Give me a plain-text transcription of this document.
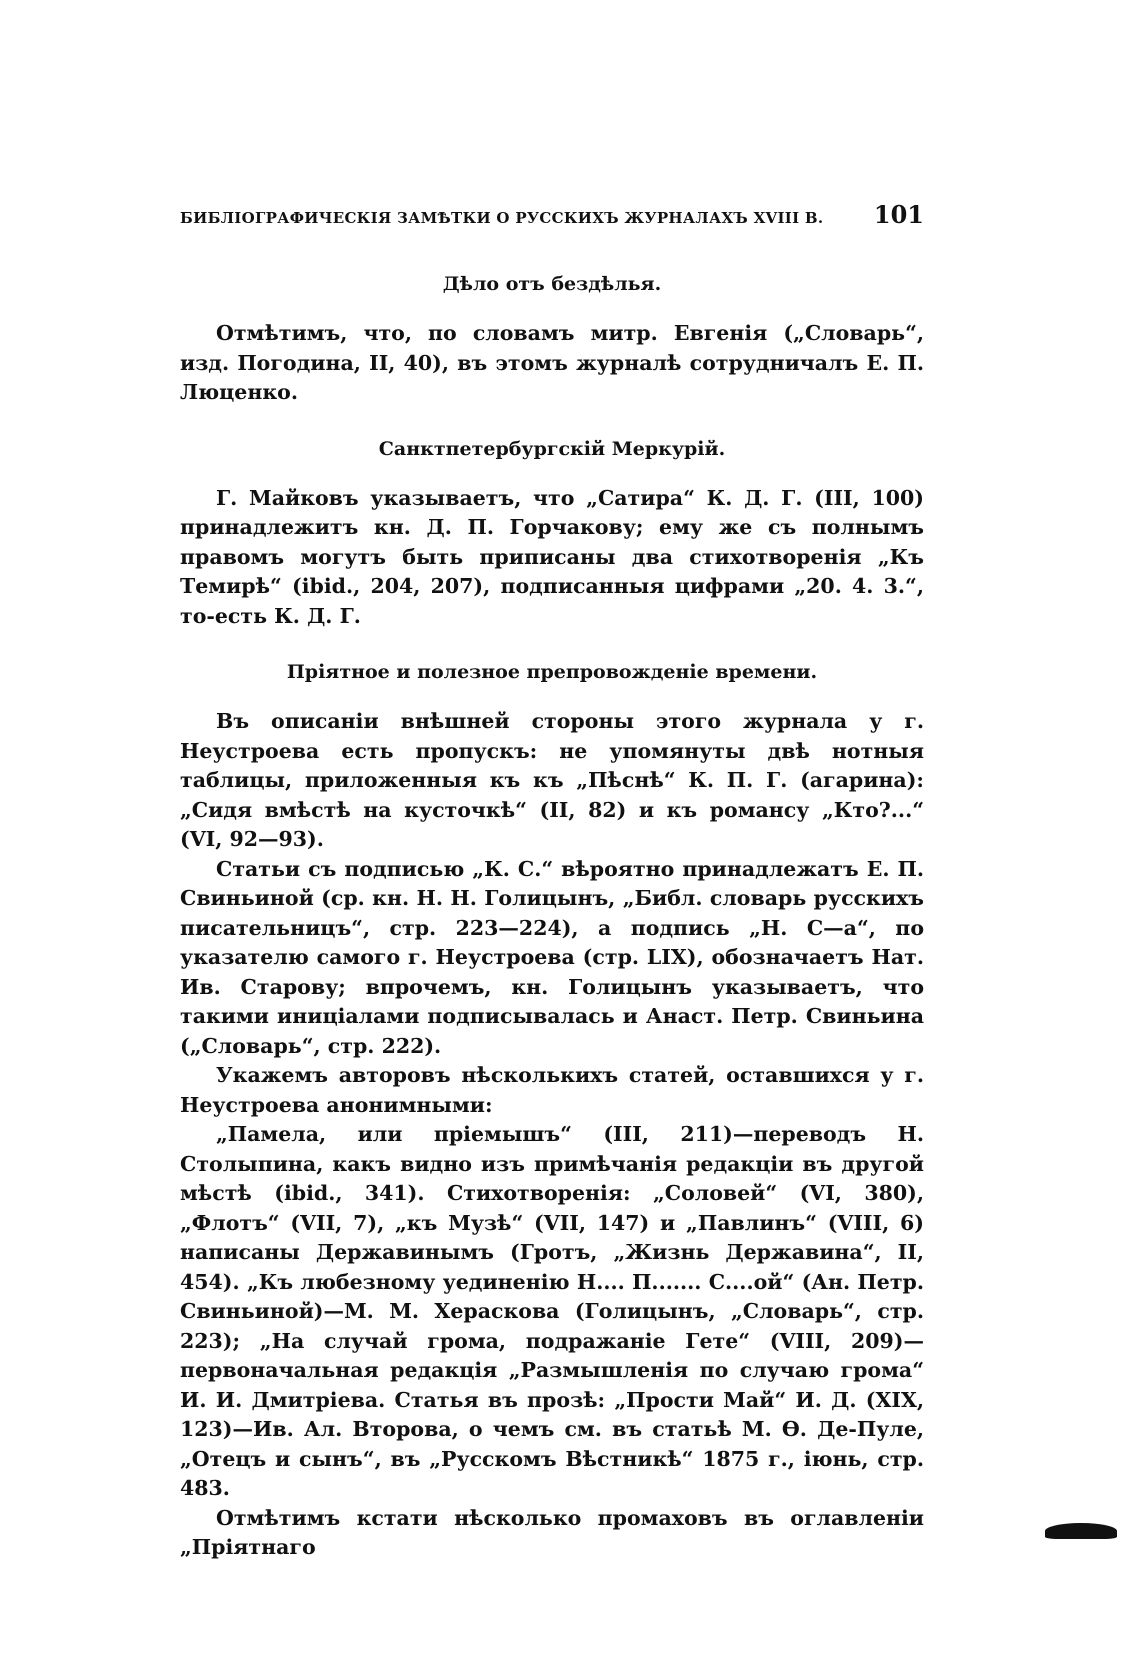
БИБЛІОГРАФИЧЕСКІЯ ЗАМѢТКИ О РУССКИХЪ ЖУРНАЛАХЪ XVIII В. 101
Дѣло отъ бездѣлья.

Отмѣтимъ, что, по словамъ митр. Евгенія („Словарь“, изд. Погодина, II, 40), въ этомъ журналѣ сотрудничалъ Е. П. Люценко.

Санктпетербургскій Меркурій.

Г. Майковъ указываетъ, что „Сатира“ К. Д. Г. (III, 100) принадлежитъ кн. Д. П. Горчакову; ему же съ полнымъ правомъ могутъ быть приписаны два стихотворенія „Къ Темирѣ“ (ibid., 204, 207), подписанныя цифрами „20. 4. 3.“, то-есть К. Д. Г.

Пріятное и полезное препровожденіе времени.

Въ описаніи внѣшней стороны этого журнала у г. Неустроева есть пропускъ: не упомянуты двѣ нотныя таблицы, приложенныя къ къ „Пѣснѣ“ К. П. Г. (агарина): „Сидя вмѣстѣ на кусточкѣ“ (II, 82) и къ романсу „Кто?...“ (VI, 92—93).

Статьи съ подписью „К. С.“ вѣроятно принадлежатъ Е. П. Свиньиной (ср. кн. Н. Н. Голицынъ, „Библ. словарь русскихъ писательницъ“, стр. 223—224), а подпись „Н. С—а“, по указателю самого г. Неустроева (стр. LIX), обозначаетъ Нат. Ив. Старову; впрочемъ, кн. Голицынъ указываетъ, что такими иниціалами подписывалась и Анаст. Петр. Свиньина („Словарь“, стр. 222).

Укажемъ авторовъ нѣсколькихъ статей, оставшихся у г. Неустроева анонимными:

„Памела, или пріемышъ“ (III, 211)—переводъ Н. Столыпина, какъ видно изъ примѣчанія редакціи въ другой мѣстѣ (ibid., 341). Стихотворенія: „Соловей“ (VI, 380), „Флотъ“ (VII, 7), „къ Музѣ“ (VII, 147) и „Павлинъ“ (VIII, 6) написаны Державинымъ (Гротъ, „Жизнь Державина“, II, 454). „Къ любезному уединенію Н.... П....... С....ой“ (Ан. Петр. Свиньиной)—М. М. Хераскова (Голицынъ, „Словарь“, стр. 223); „На случай грома, подражаніе Гете“ (VIII, 209)—первоначальная редакція „Размышленія по случаю грома“ И. И. Дмитріева. Статья въ прозѣ: „Прости Май“ И. Д. (XIX, 123)—Ив. Ал. Второва, о чемъ см. въ статьѣ М. Ѳ. Де-Пуле, „Отецъ и сынъ“, въ „Русскомъ Вѣстникѣ“ 1875 г., іюнь, стр. 483.

Отмѣтимъ кстати нѣсколько промаховъ въ оглавленіи „Пріятнаго
